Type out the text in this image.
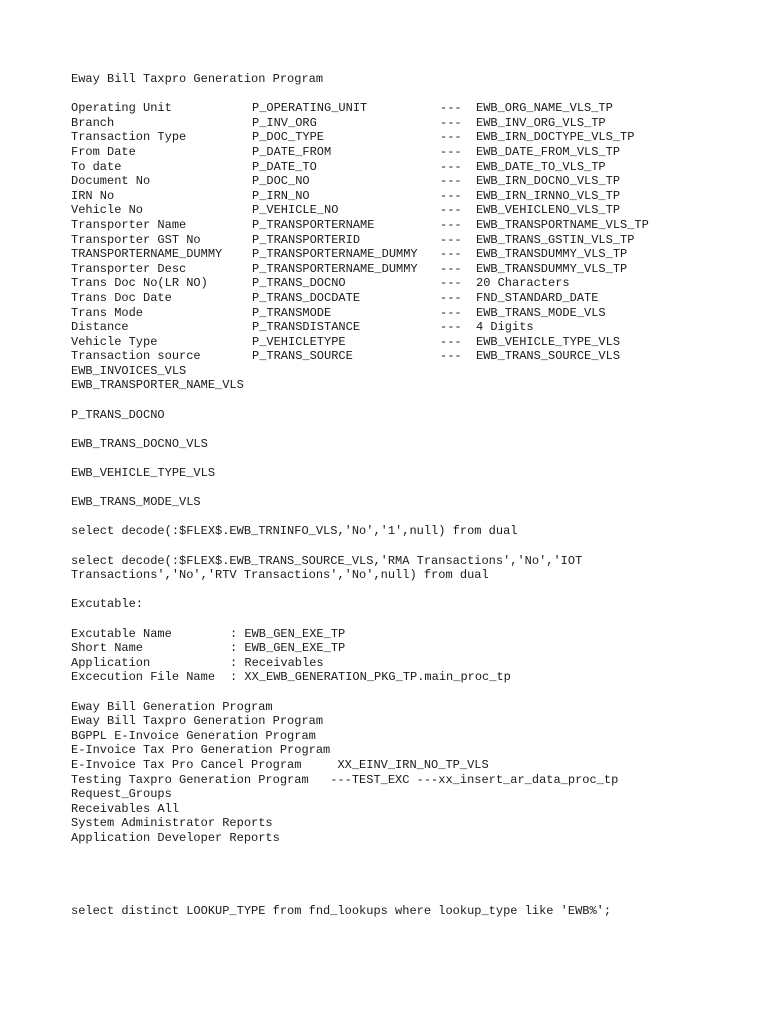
Eway Bill Taxpro Generation Program
Operating Unit	P_OPERATING_UNIT	--- EWB_ORG_NAME_VLS_TP
Branch	P_INV_ORG	--- EWB_INV_ORG_VLS_TP
Transaction Type	P_DOC_TYPE	--- EWB_IRN_DOCTYPE_VLS_TP
From Date	P_DATE_FROM	--- EWB_DATE_FROM_VLS_TP
To date	P_DATE_TO	--- EWB_DATE_TO_VLS_TP
Document No	P_DOC_NO	--- EWB_IRN_DOCNO_VLS_TP
IRN No	P_IRN_NO	--- EWB_IRN_IRNNO_VLS_TP
Vehicle No	P_VEHICLE_NO	--- EWB_VEHICLENO_VLS_TP
Transporter Name	P_TRANSPORTERNAME	--- EWB_TRANSPORTNAME_VLS_TP
Transporter GST No	P_TRANSPORTERID	--- EWB_TRANS_GSTIN_VLS_TP
TRANSPORTERNAME_DUMMY P_TRANSPORTERNAME_DUMMY --- EWB_TRANSDUMMY_VLS_TP
Transporter Desc	P_TRANSPORTERNAME_DUMMY --- EWB_TRANSDUMMY_VLS_TP
Trans Doc No(LR NO)	P_TRANS_DOCNO	--- 20 Characters
Trans Doc Date	P_TRANS_DOCDATE	--- FND_STANDARD_DATE
Trans Mode	P_TRANSMODE	--- EWB_TRANS_MODE_VLS
Distance	P_TRANSDISTANCE	--- 4 Digits
Vehicle Type	P_VEHICLETYPE	--- EWB_VEHICLE_TYPE_VLS
Transaction source	P_TRANS_SOURCE	--- EWB_TRANS_SOURCE_VLS
EWB_INVOICES_VLS
EWB_TRANSPORTER_NAME_VLS
P_TRANS_DOCNO
EWB_TRANS_DOCNO_VLS
EWB_VEHICLE_TYPE_VLS
EWB_TRANS_MODE_VLS
select decode(:$FLEX$.EWB_TRNINFO_VLS,'No','1',null) from dual
select decode(:$FLEX$.EWB_TRANS_SOURCE_VLS,'RMA Transactions','No','IOT
Transactions','No','RTV Transactions','No',null) from dual
Excutable:
Excutable Name	: EWB_GEN_EXE_TP
Short Name	: EWB_GEN_EXE_TP
Application	: Receivables
Excecution File Name : XX_EWB_GENERATION_PKG_TP.main_proc_tp
Eway Bill Generation Program
Eway Bill Taxpro Generation Program
BGPPL E-Invoice Generation Program
E-Invoice Tax Pro Generation Program
E-Invoice Tax Pro Cancel Program     XX_EINV_IRN_NO_TP_VLS
Testing Taxpro Generation Program   ---TEST_EXC ---xx_insert_ar_data_proc_tp
Request_Groups
Receivables All
System Administrator Reports
Application Developer Reports
select distinct LOOKUP_TYPE from fnd_lookups where lookup_type like 'EWB%';
